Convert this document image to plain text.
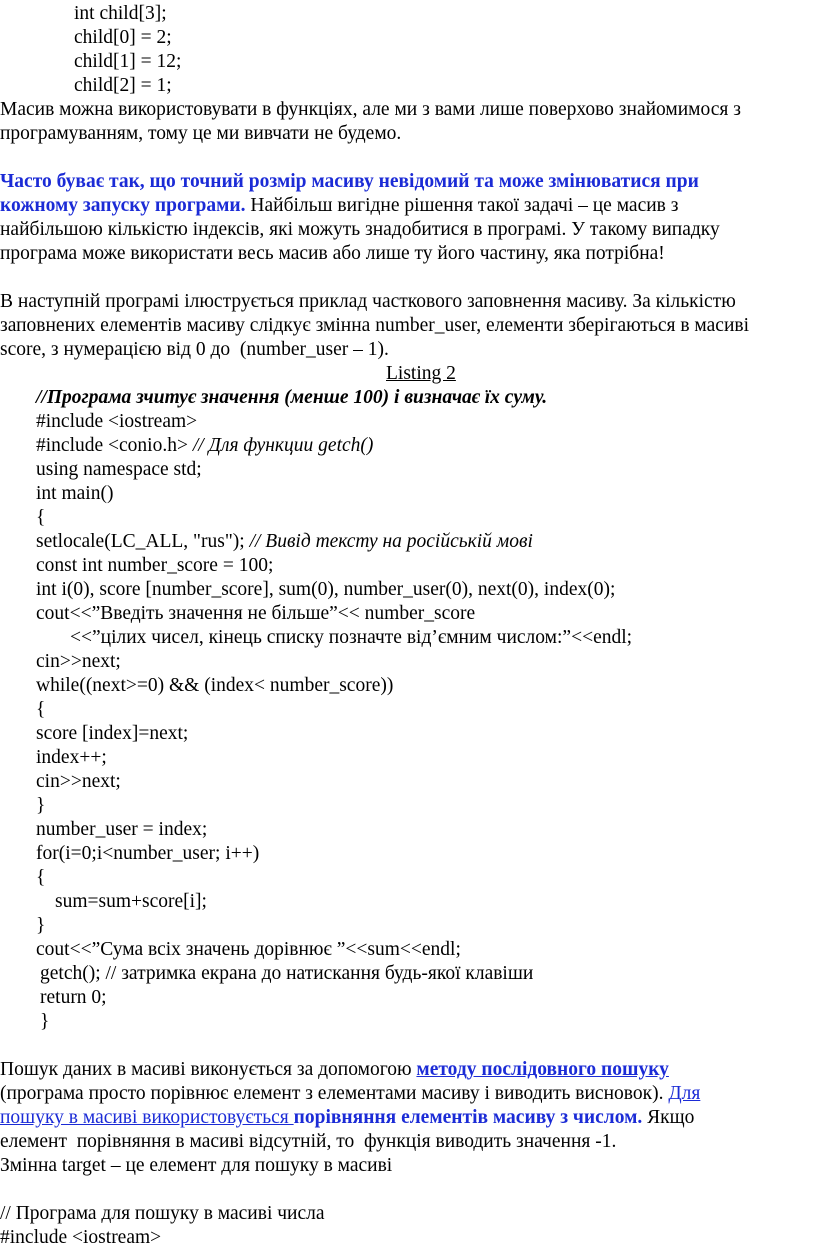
int child[3];
child[0] = 2;
child[1] = 12;
child[2] = 1;
Масив можна використовувати в функціях, але ми з вами лише поверхово знайомимося з
програмуванням, тому це ми вивчати не будемо.
Часто буває так, що точний розмір масиву невідомий та може змінюватися при
кожному запуску програми. Найбільш вигідне рішення такої задачі – це масив з
найбільшою кількістю індексів, які можуть знадобитися в програмі. У такому випадку
програма може використати весь масив або лише ту його частину, яка потрібна!
В наступній програмі ілюструється приклад часткового заповнення масиву. За кількістю
заповнених елементів масиву слідкує змінна number_user, елементи зберігаються в масиві
score, з нумерацією від 0 до  (number_user – 1).
Listing 2
//Програма зчитує значення (менше 100) і визначає їх суму.
#include <iostream>
#include <conio.h> // Для функции getch()
using namespace std;
int main()
{
setlocale(LC_ALL, "rus"); // Вивід тексту на російській мові
const int number_score = 100;
int i(0), score [number_score], sum(0), number_user(0), next(0), index(0);
cout<<”Введіть значення не більше”<< number_score
<<”цілих чисел, кінець списку позначте від’ємним числом:”<<endl;
cin>>next;
while((next>=0) && (index< number_score))
{
score [index]=next;
index++;
cin>>next;
}
number_user = index;
for(i=0;i<number_user; i++)
{
sum=sum+score[i];
}
cout<<”Сума всіх значень дорівнює ”<<sum<<endl;
getch(); // затримка екрана до натискання будь-якої клавіши
return 0;
}
Пошук даних в масиві виконується за допомогою методу послідовного пошуку
(програма просто порівнює елемент з елементами масиву і виводить висновок). Для
пошуку в масиві використовується порівняння елементів масиву з числом. Якщо
елемент  порівняння в масиві відсутній, то  функція виводить значення -1.
Змінна target – це елемент для пошуку в масиві
// Програма для пошуку в масиві числа
#include <iostream>
